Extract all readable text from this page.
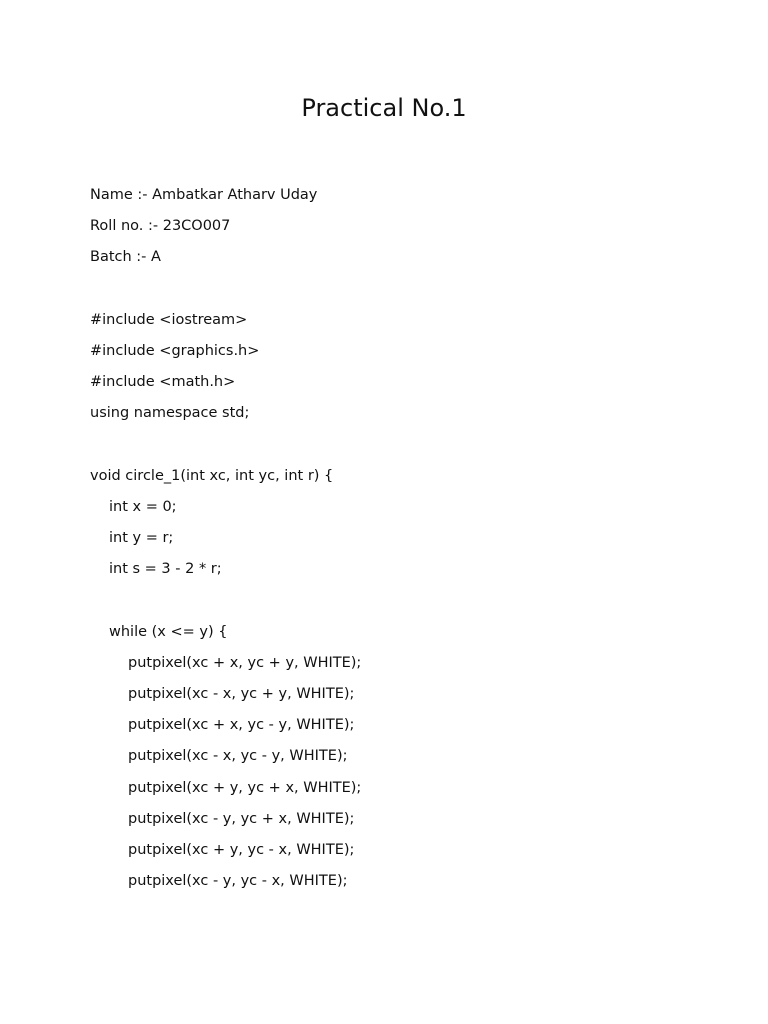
Practical No.1
Name :- Ambatkar Atharv Uday
Roll no. :- 23CO007
Batch :- A
#include <iostream>
#include <graphics.h>
#include <math.h>
using namespace std;
void circle_1(int xc, int yc, int r) {
int x = 0;
int y = r;
int s = 3 - 2 * r;
while (x <= y) {
putpixel(xc + x, yc + y, WHITE);
putpixel(xc - x, yc + y, WHITE);
putpixel(xc + x, yc - y, WHITE);
putpixel(xc - x, yc - y, WHITE);
putpixel(xc + y, yc + x, WHITE);
putpixel(xc - y, yc + x, WHITE);
putpixel(xc + y, yc - x, WHITE);
putpixel(xc - y, yc - x, WHITE);
